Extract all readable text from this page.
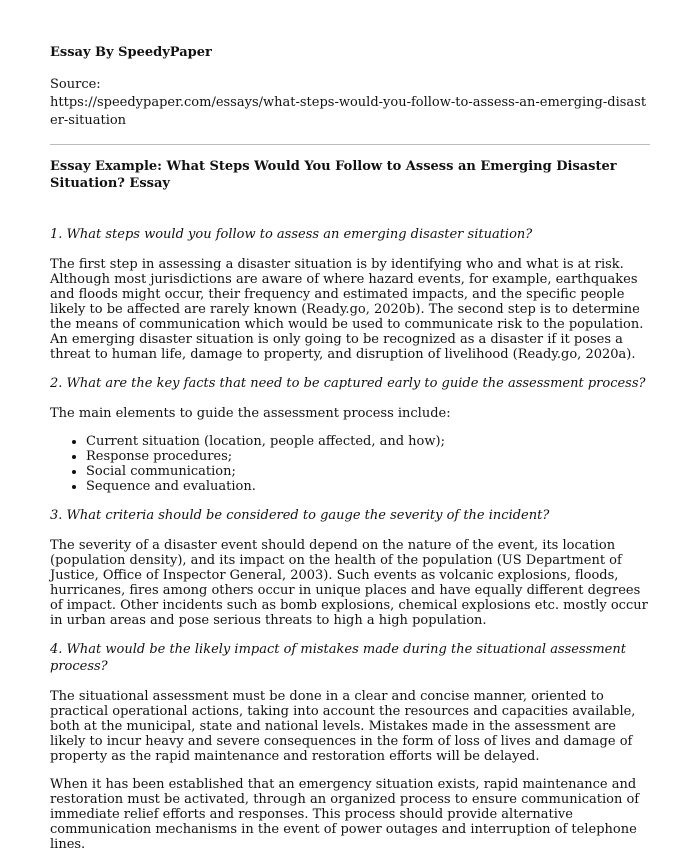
Essay By SpeedyPaper
Source:
https://speedypaper.com/essays/what-steps-would-you-follow-to-assess-an-emerging-disaster-situation
Essay Example: What Steps Would You Follow to Assess an Emerging Disaster Situation? Essay
1. What steps would you follow to assess an emerging disaster situation?

The first step in assessing a disaster situation is by identifying who and what is at risk. Although most jurisdictions are aware of where hazard events, for example, earthquakes and floods might occur, their frequency and estimated impacts, and the specific people likely to be affected are rarely known (Ready.go, 2020b). The second step is to determine the means of communication which would be used to communicate risk to the population. An emerging disaster situation is only going to be recognized as a disaster if it poses a threat to human life, damage to property, and disruption of livelihood (Ready.go, 2020a).

2. What are the key facts that need to be captured early to guide the assessment process?

The main elements to guide the assessment process include:

• Current situation (location, people affected, and how);
• Response procedures;
• Social communication;
• Sequence and evaluation.
3. What criteria should be considered to gauge the severity of the incident?

The severity of a disaster event should depend on the nature of the event, its location (population density), and its impact on the health of the population (US Department of Justice, Office of Inspector General, 2003). Such events as volcanic explosions, floods, hurricanes, fires among others occur in unique places and have equally different degrees of impact. Other incidents such as bomb explosions, chemical explosions etc. mostly occur in urban areas and pose serious threats to high a high population.

4. What would be the likely impact of mistakes made during the situational assessment process?

The situational assessment must be done in a clear and concise manner, oriented to practical operational actions, taking into account the resources and capacities available, both at the municipal, state and national levels. Mistakes made in the assessment are likely to incur heavy and severe consequences in the form of loss of lives and damage of property as the rapid maintenance and restoration efforts will be delayed.

When it has been established that an emergency situation exists, rapid maintenance and restoration must be activated, through an organized process to ensure communication of immediate relief efforts and responses. This process should provide alternative communication mechanisms in the event of power outages and interruption of telephone lines.
